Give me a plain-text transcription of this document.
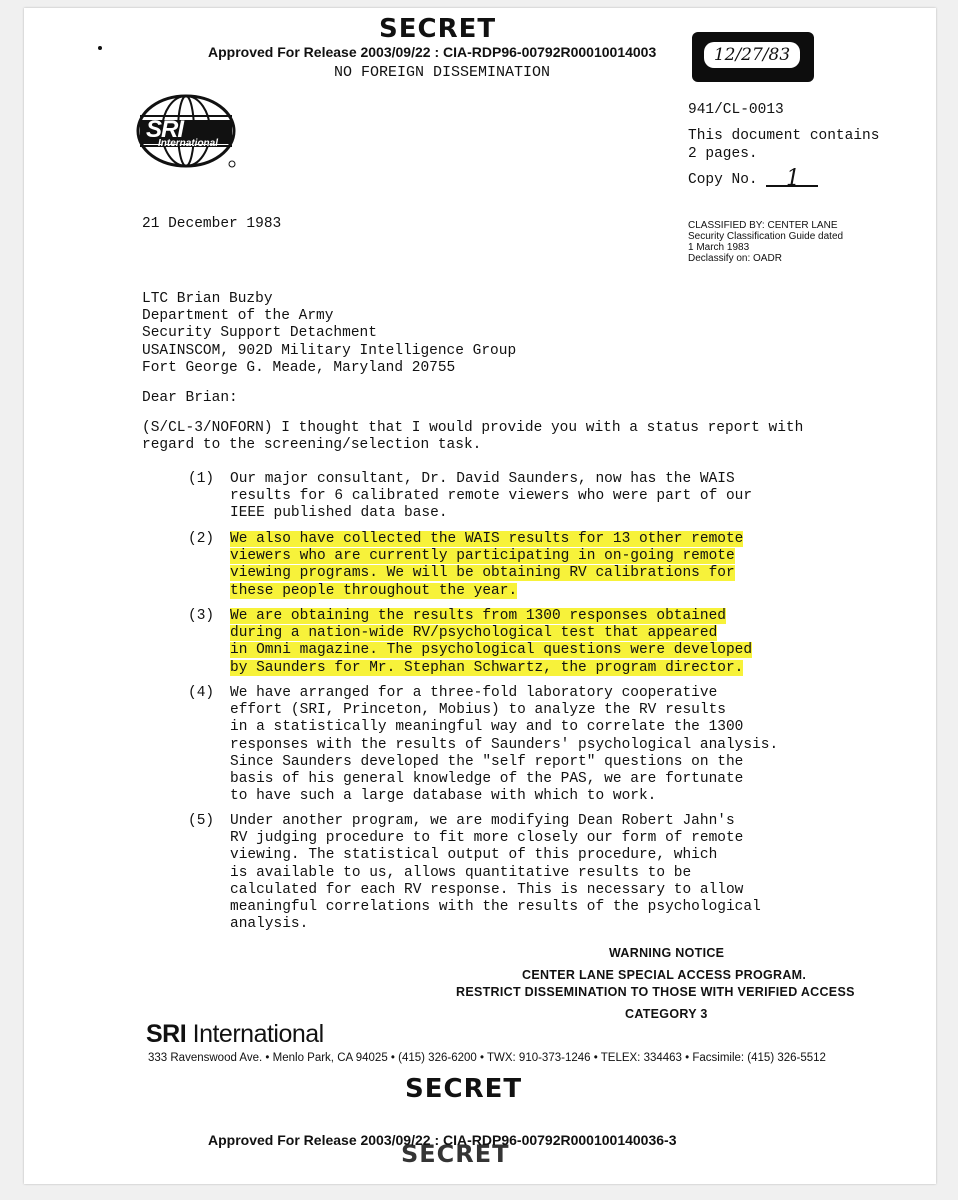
SECRET
Approved For Release 2003/09/22 : CIA-RDP96-00792R00010014003
NO FOREIGN DISSEMINATION
12/27/83
SRI
International
941/CL-0013
This document contains
2 pages.
Copy No. 1
21 December 1983	CLASSIFIED BY: CENTER LANE
Security Classification Guide dated
1 March 1983
Declassify on: OADR
LTC Brian Buzby
Department of the Army
Security Support Detachment
USAINSCOM, 902D Military Intelligence Group
Fort George G. Meade, Maryland 20755
Dear Brian:
(S/CL-3/NOFORN) I thought that I would provide you with a status report with
regard to the screening/selection task.
(1) Our major consultant, Dr. David Saunders, now has the WAIS
results for 6 calibrated remote viewers who were part of our
IEEE published data base.
(2) We also have collected the WAIS results for 13 other remote
viewers who are currently participating in on-going remote
viewing programs. We will be obtaining RV calibrations for
these people throughout the year.
(3) We are obtaining the results from 1300 responses obtained
during a nation-wide RV/psychological test that appeared
in Omni magazine. The psychological questions were developed
by Saunders for Mr. Stephan Schwartz, the program director.
(4) We have arranged for a three-fold laboratory cooperative
effort (SRI, Princeton, Mobius) to analyze the RV results
in a statistically meaningful way and to correlate the 1300
responses with the results of Saunders' psychological analysis.
Since Saunders developed the "self report" questions on the
basis of his general knowledge of the PAS, we are fortunate
to have such a large database with which to work.
(5) Under another program, we are modifying Dean Robert Jahn's
RV judging procedure to fit more closely our form of remote
viewing. The statistical output of this procedure, which
is available to us, allows quantitative results to be
calculated for each RV response. This is necessary to allow
meaningful correlations with the results of the psychological
analysis.
WARNING NOTICE
CENTER LANE SPECIAL ACCESS PROGRAM.
RESTRICT DISSEMINATION TO THOSE WITH VERIFIED ACCESS
CATEGORY 3
SRI International
333 Ravenswood Ave. • Menlo Park, CA 94025 • (415) 326-6200 • TWX: 910-373-1246 • TELEX: 334463 • Facsimile: (415) 326-5512
SECRET
Approved For Release 2003/09/22 : CIA-RDP96-00792R000100140036-3
SECRET
